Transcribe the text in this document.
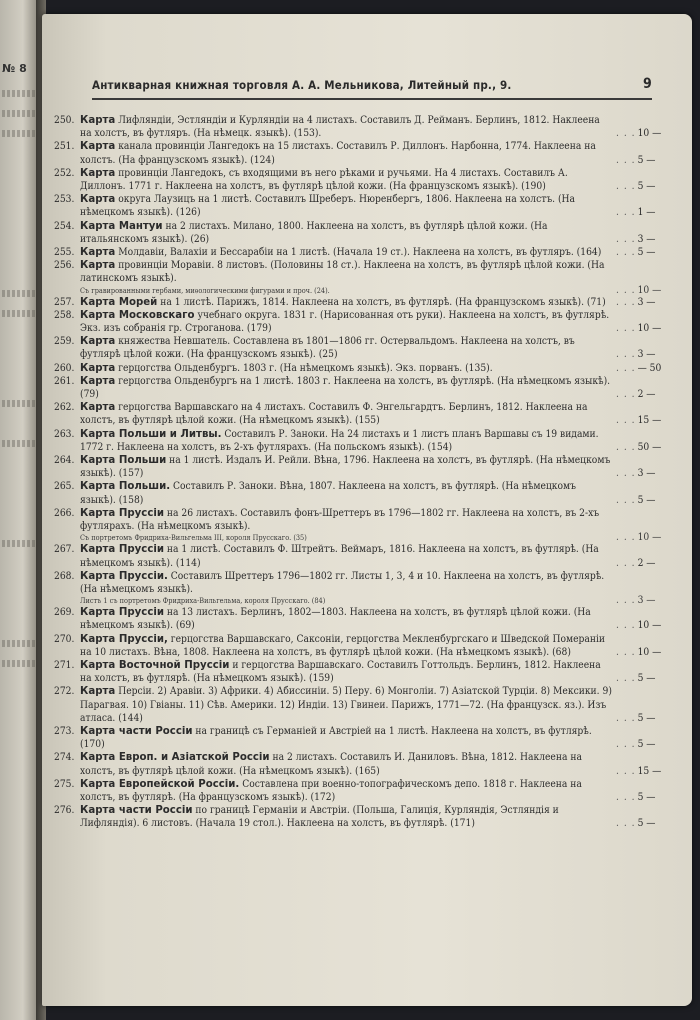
№ 8
Антикварная книжная торговля А. А. Мельникова, Литейный пр., 9.	9
250. Карта Лифляндіи, Эстляндіи и Курляндіи на 4 листахъ. Составилъ Д. Рейманъ. Берлинъ, 1812. Наклеена на холстъ, въ футляръ. (На нѣмецк. языкѣ). (153).	. . . 10 —
251. Карта канала провинціи Лангедокъ на 15 листахъ. Составилъ Р. Диллонъ. Нарбонна, 1774. Наклеена на холстъ. (На французскомъ языкѣ). (124)	. . . 5 —
252. Карта провинціи Лангедокъ, съ входящими въ него рѣками и ручьями. На 4 листахъ. Составилъ А. Диллонъ. 1771 г. Наклеена на холстъ, въ футлярѣ цѣлой кожи. (На французскомъ языкѣ). (190)	. . . 5 —
253. Карта округа Лаузицъ на 1 листѣ. Составилъ Шреберъ. Нюренбергъ, 1806. Наклеена на холстъ. (На нѣмецкомъ языкѣ). (126)	. . . 1 —
254. Карта Мантуи на 2 листахъ. Милано, 1800. Наклеена на холстъ, въ футлярѣ цѣлой кожи. (На итальянскомъ языкѣ). (26)	. . . 3 —
255. Карта Молдавіи, Валахіи и Бессарабіи на 1 листѣ. (Начала 19 ст.). Наклеена на холстъ, въ футляръ. (164)	. . . 5 —
256. Карта провинціи Моравіи. 8 листовъ. (Половины 18 ст.). Наклеена на холстъ, въ футлярѣ цѣлой кожи. (На латинскомъ языкѣ).
Съ гравированными гербами, миѳологическими фигурами и проч. (24).	. . . 10 —
257. Карта Морей на 1 листѣ. Парижъ, 1814. Наклеена на холстъ, въ футлярѣ. (На французскомъ языкѣ). (71)	. . . 3 —
258. Карта Московскаго учебнаго округа. 1831 г. (Нарисованная отъ руки). Наклеена на холстъ, въ футлярѣ. Экз. изъ собранія гр. Строганова. (179)	. . . 10 —
259. Карта княжества Невшатель. Составлена въ 1801—1806 гг. Остервальдомъ. Наклеена на холстъ, въ футлярѣ цѣлой кожи. (На французскомъ языкѣ). (25)	. . . 3 —
260. Карта герцогства Ольденбургъ. 1803 г. (На нѣмецкомъ языкѣ). Экз. порванъ. (135).	. . . — 50
261. Карта герцогства Ольденбургъ на 1 листѣ. 1803 г. Наклеена на холстъ, въ футлярѣ. (На нѣмецкомъ языкѣ). (79)	. . . 2 —
262. Карта герцогства Варшавскаго на 4 листахъ. Составилъ Ф. Энгельгардтъ. Берлинъ, 1812. Наклеена на холстъ, въ футлярѣ цѣлой кожи. (На нѣмецкомъ языкѣ). (155)	. . . 15 —
263. Карта Польши и Литвы. Составилъ Р. Заноки. На 24 листахъ и 1 листъ планъ Варшавы съ 19 видами. 1772 г. Наклеена на холстъ, въ 2-хъ футлярахъ. (На польскомъ языкѣ). (154)	. . . 50 —
264. Карта Польши на 1 листѣ. Издалъ И. Рейли. Вѣна, 1796. Наклеена на холстъ, въ футлярѣ. (На нѣмецкомъ языкѣ). (157)	. . . 3 —
265. Карта Польши. Составилъ Р. Заноки. Вѣна, 1807. Наклеена на холстъ, въ футлярѣ. (На нѣмецкомъ языкѣ). (158)	. . . 5 —
266. Карта Пруссіи на 26 листахъ. Составилъ фонъ-Шреттеръ въ 1796—1802 гг. Наклеена на холстъ, въ 2-хъ футлярахъ. (На нѣмецкомъ языкѣ).
Съ портретомъ Фридриха-Вильгельма III, короля Прусскаго. (35)	. . . 10 —
267. Карта Пруссіи на 1 листѣ. Составилъ Ф. Штрейтъ. Веймаръ, 1816. Наклеена на холстъ, въ футлярѣ. (На нѣмецкомъ языкѣ). (114)	. . . 2 —
268. Карта Пруссіи. Составилъ Шреттеръ 1796—1802 гг. Листы 1, 3, 4 и 10. Наклеена на холстъ, въ футлярѣ. (На нѣмецкомъ языкѣ).
Листъ 1 съ портретомъ Фридриха-Вильгельма, короля Прусскаго. (84)	. . . 3 —
269. Карта Пруссіи на 13 листахъ. Берлинъ, 1802—1803. Наклеена на холстъ, въ футлярѣ цѣлой кожи. (На нѣмецкомъ языкѣ). (69)	. . . 10 —
270. Карта Пруссіи, герцогства Варшавскаго, Саксоніи, герцогства Мекленбургскаго и Шведской Помераніи на 10 листахъ. Вѣна, 1808. Наклеена на холстъ, въ футлярѣ цѣлой кожи. (На нѣмецкомъ языкѣ). (68)	. . . 10 —
271. Карта Восточной Пруссіи и герцогства Варшавскаго. Составилъ Готтольдъ. Берлинъ, 1812. Наклеена на холстъ, въ футлярѣ. (На нѣмецкомъ языкѣ). (159)	. . . 5 —
272. Карта Персіи. 2) Аравіи. 3) Африки. 4) Абиссиніи. 5) Перу. 6) Монголіи. 7) Азіатской Турціи. 8) Мексики. 9) Парагвая. 10) Гвіаны. 11) Сѣв. Америки. 12) Индіи. 13) Гвинеи. Парижъ, 1771—72. (На французск. яз.). Изъ атласа. (144)	. . . 5 —
273. Карта части Россіи на границѣ съ Германіей и Австріей на 1 листѣ. Наклеена на холстъ, въ футлярѣ. (170)	. . . 5 —
274. Карта Европ. и Азіатской Россіи на 2 листахъ. Составилъ И. Даниловъ. Вѣна, 1812. Наклеена на холстъ, въ футлярѣ цѣлой кожи. (На нѣмецкомъ языкѣ). (165)	. . . 15 —
275. Карта Европейской Россіи. Составлена при военно-топографическомъ депо. 1818 г. Наклеена на холстъ, въ футлярѣ. (На французскомъ языкѣ). (172)	. . . 5 —
276. Карта части Россіи по границѣ Германіи и Австріи. (Польша, Галиція, Курляндія, Эстляндія и Лифляндія). 6 листовъ. (Начала 19 стол.). Наклеена на холстъ, въ футлярѣ. (171)	. . . 5 —
